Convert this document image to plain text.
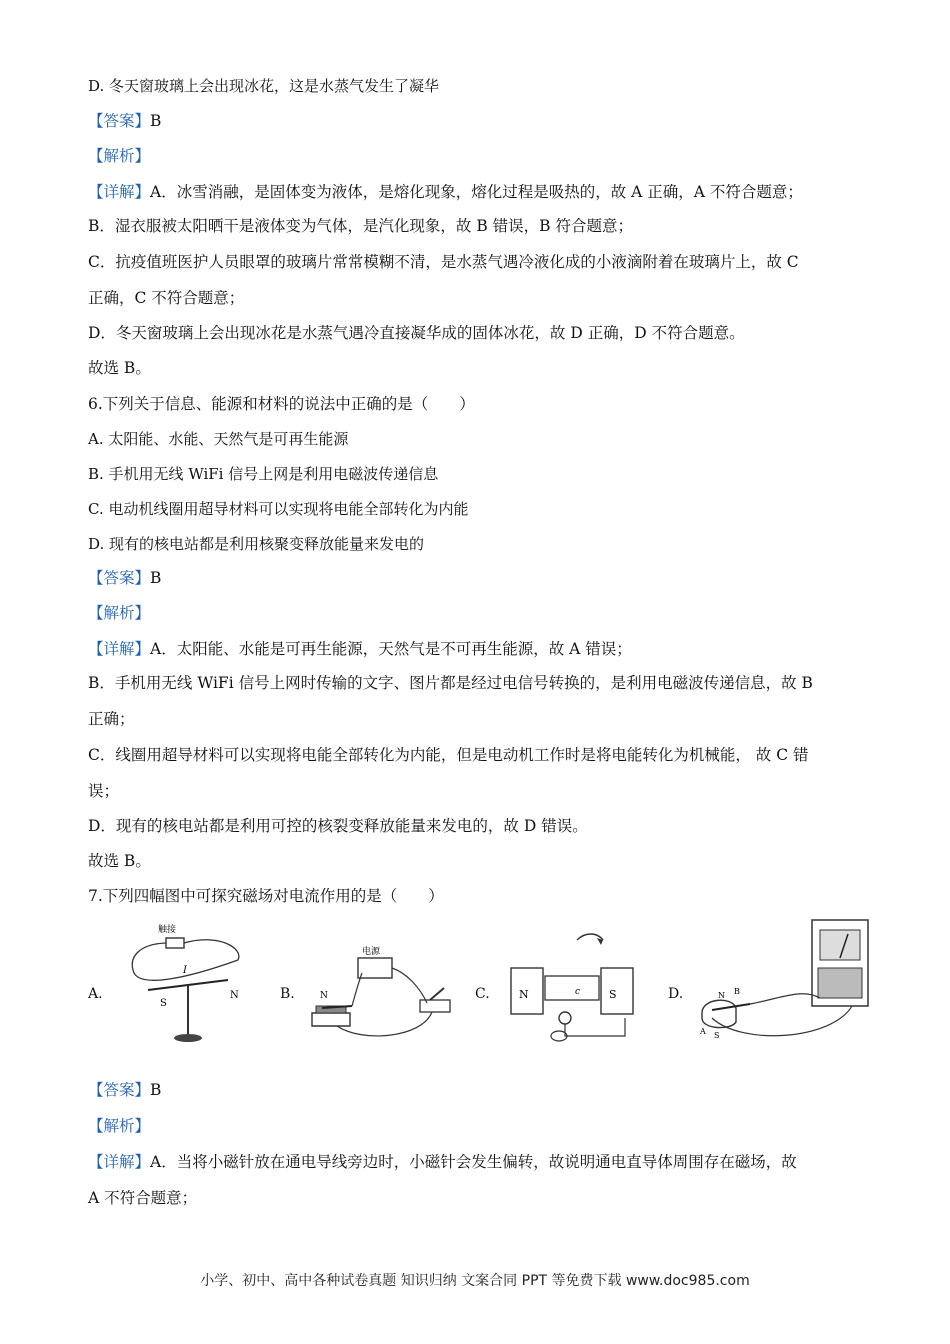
D. 冬天窗玻璃上会出现冰花，这是水蒸气发生了凝华
【答案】B
【解析】
【详解】A．冰雪消融，是固体变为液体，是熔化现象，熔化过程是吸热的，故 A 正确，A 不符合题意；
B．湿衣服被太阳晒干是液体变为气体，是汽化现象，故 B 错误，B 符合题意；
C．抗疫值班医护人员眼罩的玻璃片常常模糊不清，是水蒸气遇冷液化成的小液滴附着在玻璃片上，故 C
正确，C 不符合题意；
D．冬天窗玻璃上会出现冰花是水蒸气遇冷直接凝华成的固体冰花，故 D 正确，D 不符合题意。
故选 B。
6.下列关于信息、能源和材料的说法中正确的是（　　）
A. 太阳能、水能、天然气是可再生能源
B. 手机用无线 WiFi 信号上网是利用电磁波传递信息
C. 电动机线圈用超导材料可以实现将电能全部转化为内能
D. 现有的核电站都是利用核聚变释放能量来发电的
【答案】B
【解析】
【详解】A．太阳能、水能是可再生能源，天然气是不可再生能源，故 A 错误；
B．手机用无线 WiFi 信号上网时传输的文字、图片都是经过电信号转换的，是利用电磁波传递信息，故 B
正确；
C．线圈用超导材料可以实现将电能全部转化为内能，但是电动机工作时是将电能转化为机械能， 故 C 错
误；
D．现有的核电站都是利用可控的核裂变释放能量来发电的，故 D 错误。
故选 B。
7.下列四幅图中可探究磁场对电流作用的是（　　）
A.
触接
I
S
N	B.
电源
N	C.	N	S
c	D.	N B
A S
【答案】B
【解析】
【详解】A．当将小磁针放在通电导线旁边时，小磁针会发生偏转，故说明通电直导体周围存在磁场，故
A 不符合题意；
小学、初中、高中各种试卷真题 知识归纳 文案合同 PPT 等免费下载 www.doc985.com
